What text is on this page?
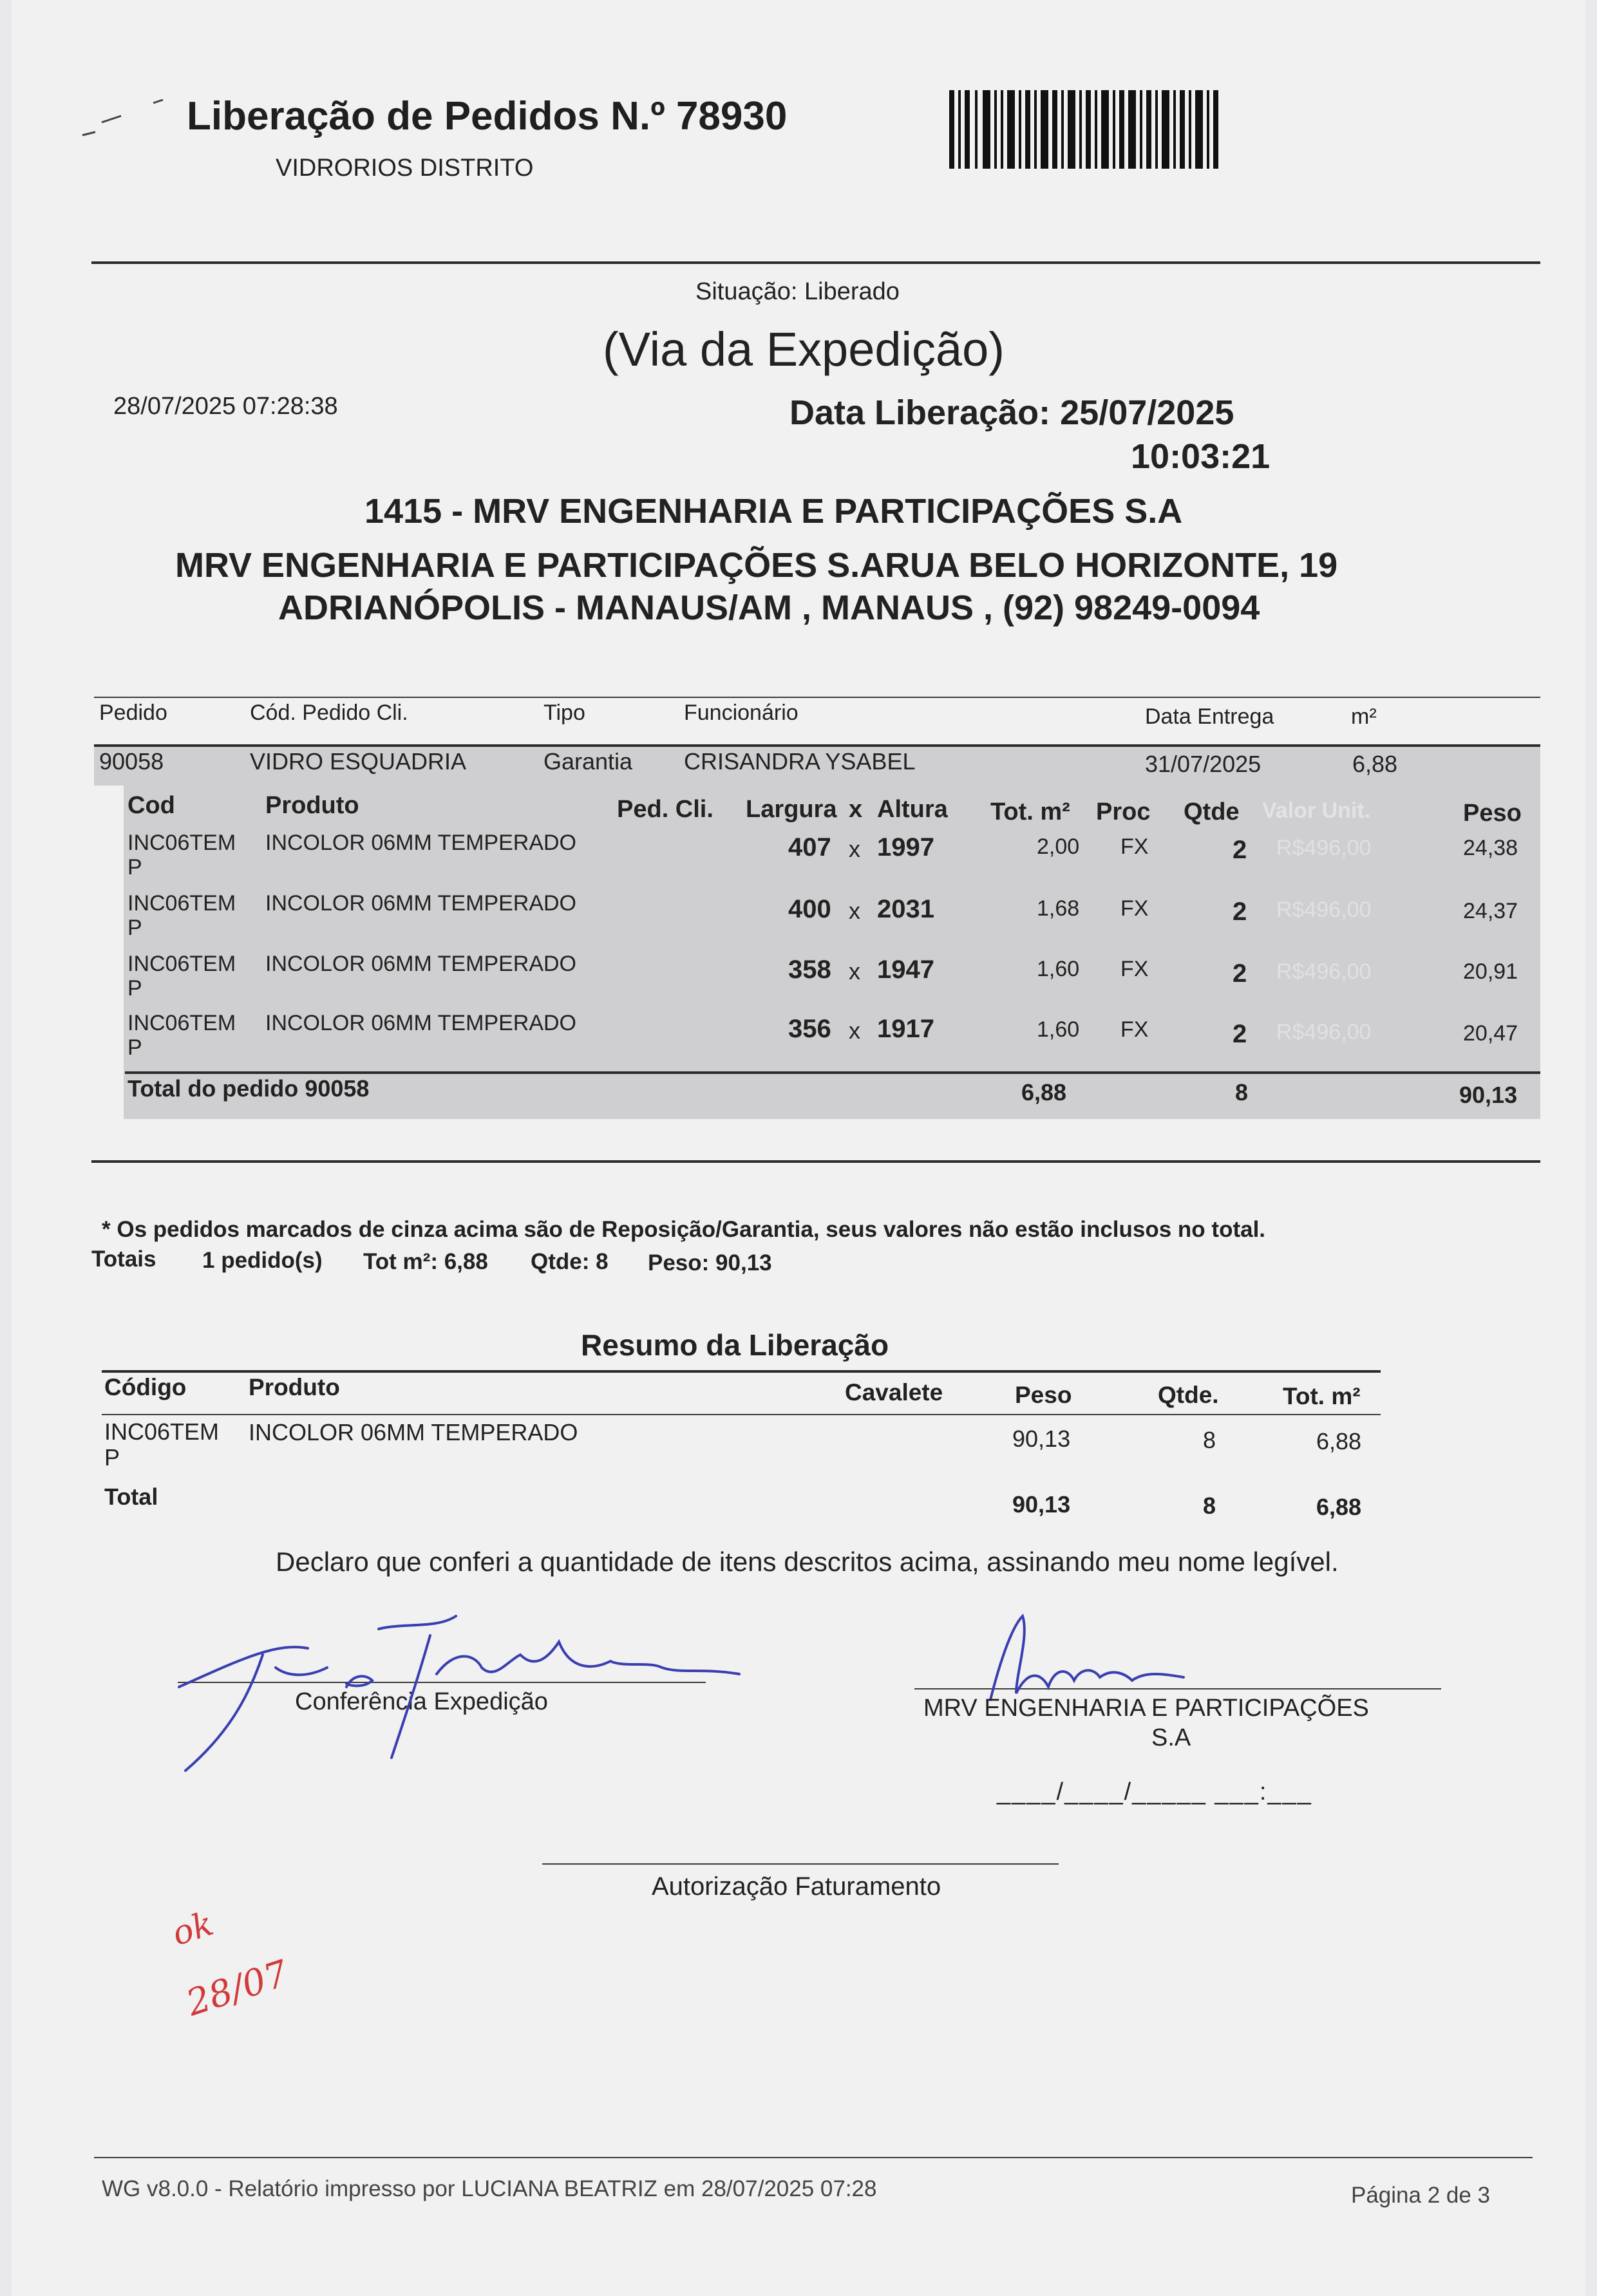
Liberação de Pedidos N.º 78930
VIDRORIOS DISTRITO
Situação: Liberado
(Via da Expedição)
28/07/2025 07:28:38	Data Liberação: 25/07/2025
10:03:21
1415 - MRV ENGENHARIA E PARTICIPAÇÕES S.A
MRV ENGENHARIA E PARTICIPAÇÕES S.ARUA BELO HORIZONTE, 19
ADRIANÓPOLIS - MANAUS/AM , MANAUS , (92) 98249-0094
Pedido	Cód. Pedido Cli.	Tipo	Funcionário	Data Entrega	m²
90058	VIDRO ESQUADRIA	Garantia CRISANDRA YSABEL	31/07/2025	6,88
Cod	Produto	Ped. Cli. Largura x Altura Tot. m² Proc Qtde Valor Unit.	Peso
INC06TEM
P
INCOLOR 06MM TEMPERADO	407 x 1997	2,00 FX	2 R$496,00	24,38
INC06TEM
P
INCOLOR 06MM TEMPERADO	400 x 2031	1,68 FX	2 R$496,00	24,37
INC06TEM
P
INCOLOR 06MM TEMPERADO	358 x 1947	1,60 FX	2 R$496,00	20,91
INC06TEM
P
INCOLOR 06MM TEMPERADO	356 x 1917	1,60 FX	2 R$496,00	20,47
Total do pedido 90058	6,88	8	90,13
* Os pedidos marcados de cinza acima são de Reposição/Garantia, seus valores não estão inclusos no total.
Totais 1 pedido(s) Tot m²: 6,88 Qtde: 8 Peso: 90,13
Resumo da Liberação
Código	Produto	Cavalete	Peso	Qtde.	Tot. m²
INC06TEM
P
INCOLOR 06MM TEMPERADO	90,13	8	6,88
Total	90,13	8	6,88
Declaro que conferi a quantidade de itens descritos acima, assinando meu nome legível.
Conferência Expedição	MRV ENGENHARIA E PARTICIPAÇÕES
S.A
____/____/_____ ___:___
Autorização Faturamento
ok
28/07
WG v8.0.0 - Relatório impresso por LUCIANA BEATRIZ em 28/07/2025 07:28	Página 2 de 3
